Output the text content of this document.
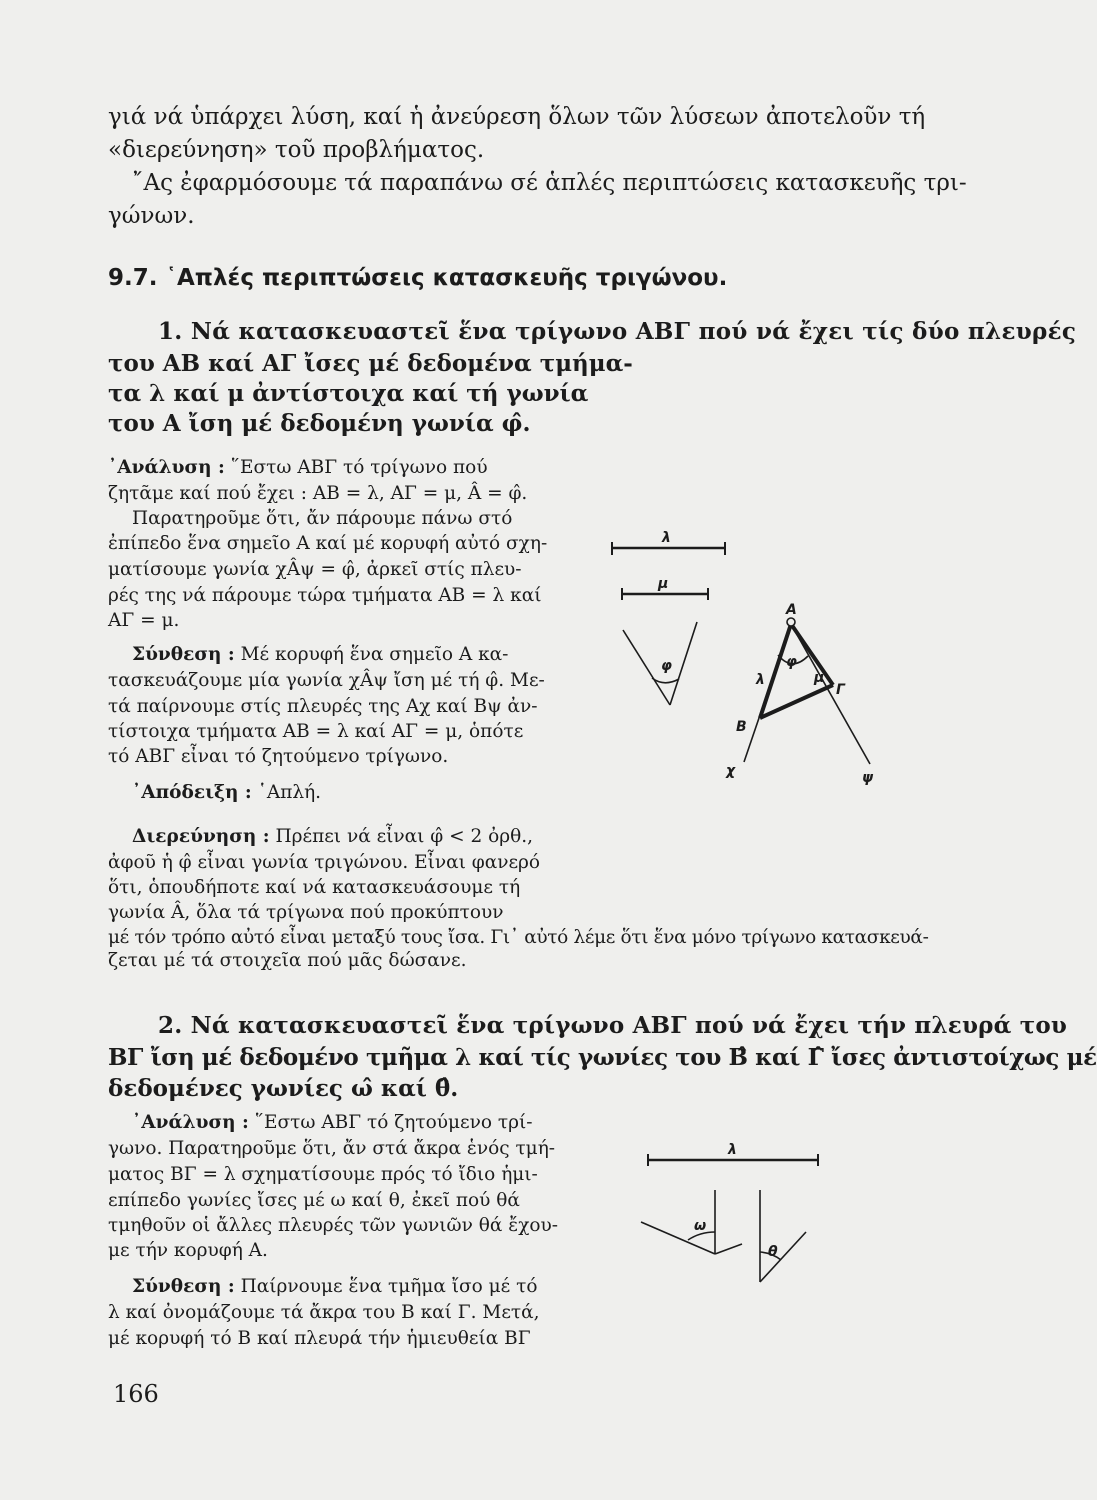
γιά νά ὑπάρχει λύση, καί ἡ ἀνεύρεση ὅλων τῶν λύσεων ἀποτελοῦν τή

«διερεύνηση» τοῦ προβλήματος.

῎Ας ἐφαρμόσουμε τά παραπάνω σέ ἁπλές περιπτώσεις κατασκευῆς τρι-

γώνων.

9.7. ῾Απλές περιπτώσεις κατασκευῆς τριγώνου.

1. Νά κατασκευαστεῖ ἕνα τρίγωνο ΑΒΓ πού νά ἔχει τίς δύο πλευρές

του ΑΒ καί ΑΓ ἴσες μέ δεδομένα τμήμα-

τα λ καί μ ἀντίστοιχα καί τή γωνία

του Α ἴση μέ δεδομένη γωνία φ̂.

᾿Ανάλυση : ῞Εστω ΑΒΓ τό τρίγωνο πού

ζητᾶμε καί πού ἔχει : ΑΒ = λ, ΑΓ = μ, Â = φ̂.

Παρατηροῦμε ὅτι, ἄν πάρουμε πάνω στό

ἐπίπεδο ἕνα σημεῖο Α καί μέ κορυφή αὐτό σχη-

ματίσουμε γωνία χÂψ = φ̂, ἀρκεῖ στίς πλευ-

ρές της νά πάρουμε τώρα τμήματα ΑΒ = λ καί

ΑΓ = μ.

Σύνθεση : Μέ κορυφή ἕνα σημεῖο Α κα-

τασκευάζουμε μία γωνία χÂψ ἴση μέ τή φ̂. Με-

τά παίρνουμε στίς πλευρές της Αχ καί Βψ ἀν-

τίστοιχα τμήματα ΑΒ = λ καί ΑΓ = μ, ὁπότε

τό ΑΒΓ εἶναι τό ζητούμενο τρίγωνο.

᾿Απόδειξη : ῾Απλή.

Διερεύνηση : Πρέπει νά εἶναι φ̂ < 2 ὀρθ.,

ἀφοῦ ἡ φ̂ εἶναι γωνία τριγώνου. Εἶναι φανερό

ὅτι, ὁπουδήποτε καί νά κατασκευάσουμε τή

γωνία Â, ὅλα τά τρίγωνα πού προκύπτουν

μέ τόν τρόπο αὐτό εἶναι μεταξύ τους ἴσα. Γι᾿ αὐτό λέμε ὅτι ἕνα μόνο τρίγωνο κατασκευά-

ζεται μέ τά στοιχεῖα πού μᾶς δώσανε.

λ
μ
φ
Α
φ
λ	μ
Γ
Β
χ	ψ

2. Νά κατασκευαστεῖ ἕνα τρίγωνο ΑΒΓ πού νά ἔχει τήν πλευρά του

ΒΓ ἴση μέ δεδομένο τμῆμα λ καί τίς γωνίες του Β̂ καί Γ̂ ἴσες ἀντιστοίχως μέ

δεδομένες γωνίες ω̂ καί θ̂.

᾿Ανάλυση : ῞Εστω ΑΒΓ τό ζητούμενο τρί-

γωνο. Παρατηροῦμε ὅτι, ἄν στά ἄκρα ἑνός τμή-

ματος ΒΓ = λ σχηματίσουμε πρός τό ἴδιο ἡμι-

επίπεδο γωνίες ἴσες μέ ω καί θ, ἐκεῖ πού θά

τμηθοῦν οἱ ἄλλες πλευρές τῶν γωνιῶν θά ἔχου-

με τήν κορυφή Α.

Σύνθεση : Παίρνουμε ἕνα τμῆμα ἴσο μέ τό

λ καί ὀνομάζουμε τά ἄκρα του Β καί Γ. Μετά,

μέ κορυφή τό Β καί πλευρά τήν ἡμιευθεία ΒΓ

λ
ω
θ
166
